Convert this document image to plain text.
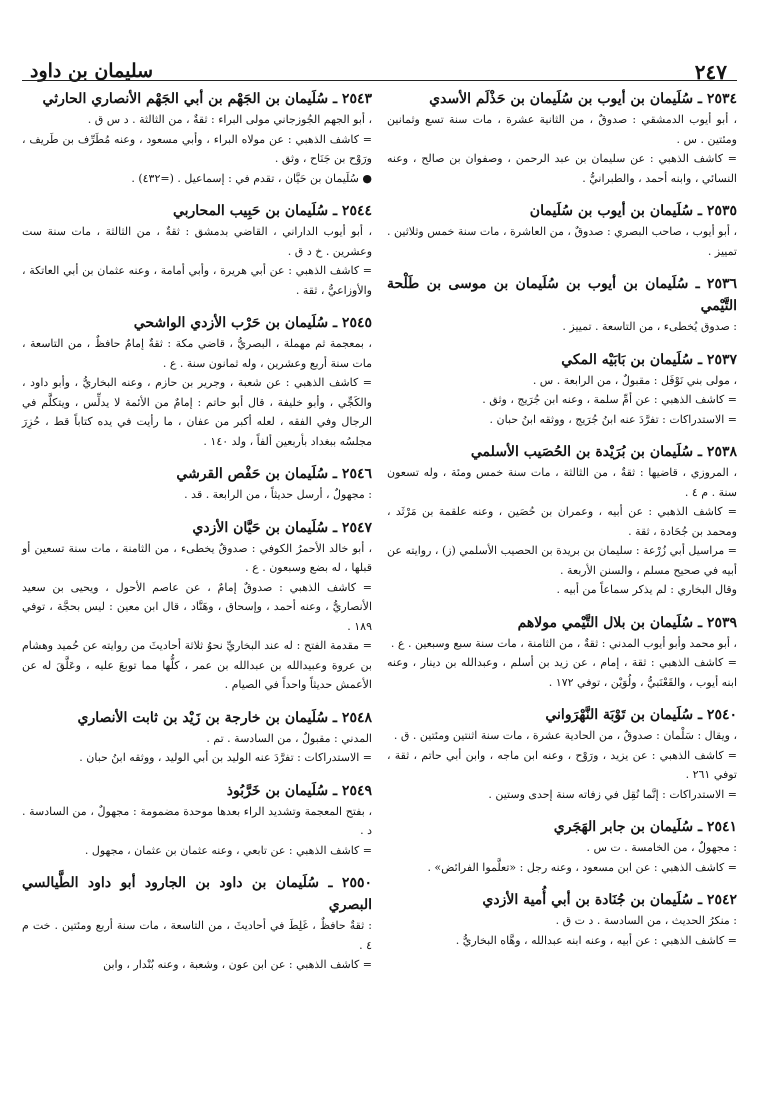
٢٤٧
سليمان بن داود
٢٥٣٤ ـ سُلَيمان بن أيوب بن سُلَيمان بن حَذْلَم الأسدي
، أبو أيوب الدمشقي : صدوقٌ ، من الثانية عشرة ، مات سنة تسع وثمانين ومئتين . س .
= كاشف الذهبي : عن سليمان بن عبد الرحمن ، وصفوان بن صالح ، وعنه النسائي ، وابنه أحمد ، والطبرانيُّ .
٢٥٣٥ ـ سُلَيمان بن أيوب بن سُلَيمان
، أبو أيوب ، صاحب البصري : صدوقٌ ، من العاشرة ، مات سنة خمس وثلاثين . تمييز .
٢٥٣٦ ـ سُلَيمان بن أيوب بن سُلَيمان بن موسى بن طَلْحة التَّيْمي
: صدوق يُخطىء ، من التاسعة . تمييز .
٢٥٣٧ ـ سُلَيمان بن بَابَيْه المكي
، مولى بني نَوْفَل : مقبولٌ ، من الرابعة . س .
= كاشف الذهبي : عن أمِّ سلمة ، وعنه ابن جُرَيج ، وثق .
= الاستدراكات : تفرَّدَ عنه ابنُ جُرَيج ، ووثقه ابنُ حبان .
٢٥٣٨ ـ سُلَيمان بن بُرَيْدة بن الحُصَيب الأسلمي
، المروزي ، قاضيها : ثقةٌ ، من الثالثة ، مات سنة خمس ومئة ، وله تسعون سنة . م ٤ .
= كاشف الذهبي : عن أبيه ، وعمران بن حُصَين ، وعنه علقمة بن مَرْثَد ، ومحمد بن جُحَادة ، ثقة .
= مراسيل أبي زُرْعة : سليمان بن بريدة بن الحصيب الأسلمي (ز) ، روايته عن أبيه في صحيح مسلم ، والسنن الأربعة .
وقال البخاري : لم يذكر سماعاً من أبيه .
٢٥٣٩ ـ سُلَيمان بن بلال التَّيْمي مولاهم
، أبو محمد وأبو أيوب المدني : ثقةٌ ، من الثامنة ، مات سنة سبع وسبعين . ع .
= كاشف الذهبي : ثقة ، إمام ، عن زيد بن أسلم ، وعبدالله بن دينار ، وعنه ابنه أيوب ، والقَعْنَبيُّ ، ولُوَيْن ، توفي ١٧٢ .
٢٥٤٠ ـ سُلَيمان بن تَوْبَة النَّهْرَواني
، ويقال : سَلْمان : صدوقٌ ، من الحادية عشرة ، مات سنة اثنتين ومئتين . ق .
= كاشف الذهبي : عن يزيد ، ورَوْح ، وعنه ابن ماجه ، وابن أبي حاتم ، ثقة ، توفي ٢٦١ .
= الاستدراكات : إنَّما نُقِل في زفاته سنة إحدى وستين .
٢٥٤١ ـ سُلَيمان بن جابر الهَجَري
: مجهولٌ ، من الخامسة . ت س .
= كاشف الذهبي : عن ابن مسعود ، وعنه رجل : «تعلَّموا الفرائض» .
٢٥٤٢ ـ سُلَيمان بن جُنَادة بن أبي أُمية الأزدي
: منكرُ الحديث ، من السادسة . د ت ق .
= كاشف الذهبي : عن أبيه ، وعنه ابنه عبدالله ، وهَّاه البخاريُّ .
٢٥٤٣ ـ سُلَيمان بن الجَهْم بن أبي الجَهْم الأنصاري الحارثي
، أبو الجهم الجُوزجاني مولى البراء : ثقةٌ ، من الثالثة . د س ق .
= كاشف الذهبي : عن مولاه البراء ، وأبي مسعود ، وعنه مُطَرِّف بن طَريف ، ورَوْح بن جَنَاح ، وثق .
● سُلَيمان بن حَيَّان ، تقدم في : إسماعيل . (=٤٣٢) .
٢٥٤٤ ـ سُلَيمان بن حَبِيب المحاربي
، أبو أيوب الداراني ، القاضي بدمشق : ثقةٌ ، من الثالثة ، مات سنة ست وعشرين . خ د ق .
= كاشف الذهبي : عن أبي هريرة ، وأبي أمامة ، وعنه عثمان بن أبي العاتكة ، والأوزاعيُّ ، ثقة .
٢٥٤٥ ـ سُلَيمان بن حَرْب الأزدي الواشحي
، بمعجمة ثم مهملة ، البصريُّ ، قاضي مكة : ثقةٌ إمامٌ حافظٌ ، من التاسعة ، مات سنة أربع وعشرين ، وله ثمانون سنة . ع .
= كاشف الذهبي : عن شعبة ، وجرير بن حازم ، وعنه البخاريُّ ، وأبو داود ، والكَجِّي ، وأبو خليفة ، قال أبو حاتم : إمامٌ من الأئمة لا يدلِّس ، ويتكلَّم في الرجال وفي الفقه ، لعله أكبر من عفان ، ما رأيت في يده كتاباً قط ، حُزِرَ مجلسُه ببغداد بأربعين ألفاً ، ولد ١٤٠ .
٢٥٤٦ ـ سُلَيمان بن حَفْص القرشي
: مجهولٌ ، أرسل حديثاً ، من الرابعة . قد .
٢٥٤٧ ـ سُلَيمان بن حَيَّان الأزدي
، أبو خالد الأحمرُ الكوفي : صدوقٌ يخطىء ، من الثامنة ، مات سنة تسعين أو قبلها ، له بضع وسبعون . ع .
= كاشف الذهبي : صدوقٌ إمامٌ ، عن عاصم الأحول ، ويحيى بن سعيد الأنصاريُّ ، وعنه أحمد ، وإسحاق ، وهَنَّاد ، قال ابن معين : ليس بحجَّة ، توفي ١٨٩ .
= مقدمة الفتح : له عند البخاريِّ نحوُ ثلاثة أحاديثَ من روايته عن حُميد وهشام بن عروة وعبيدالله بن عبدالله بن عمر ، كلُّها مما توبعَ عليه ، وعَلَّقَ له عن الأعمش حديثاً واحداً في الصيام .
٢٥٤٨ ـ سُلَيمان بن خارجة بن زَيْد بن ثابت الأنصاري
المدني : مقبولٌ ، من السادسة . تم .
= الاستدراكات : تفرَّدَ عنه الوليد بن أبي الوليد ، ووثقه ابنُ حبان .
٢٥٤٩ ـ سُلَيمان بن خَرَّبُوذ
، بفتح المعجمة وتشديد الراء بعدها موحدة مضمومة : مجهولٌ ، من السادسة . د .
= كاشف الذهبي : عن تابعي ، وعنه عثمان بن عثمان ، مجهول .
٢٥٥٠ ـ سُلَيمان بن داود بن الجارود أبو داود الطَّيالسي البصري
: ثقةٌ حافظٌ ، غَلِطَ في أحاديثَ ، من التاسعة ، مات سنة أربع ومئتين . خت م ٤ .
= كاشف الذهبي : عن ابن عون ، وشعبة ، وعنه بُنْدار ، وابن
